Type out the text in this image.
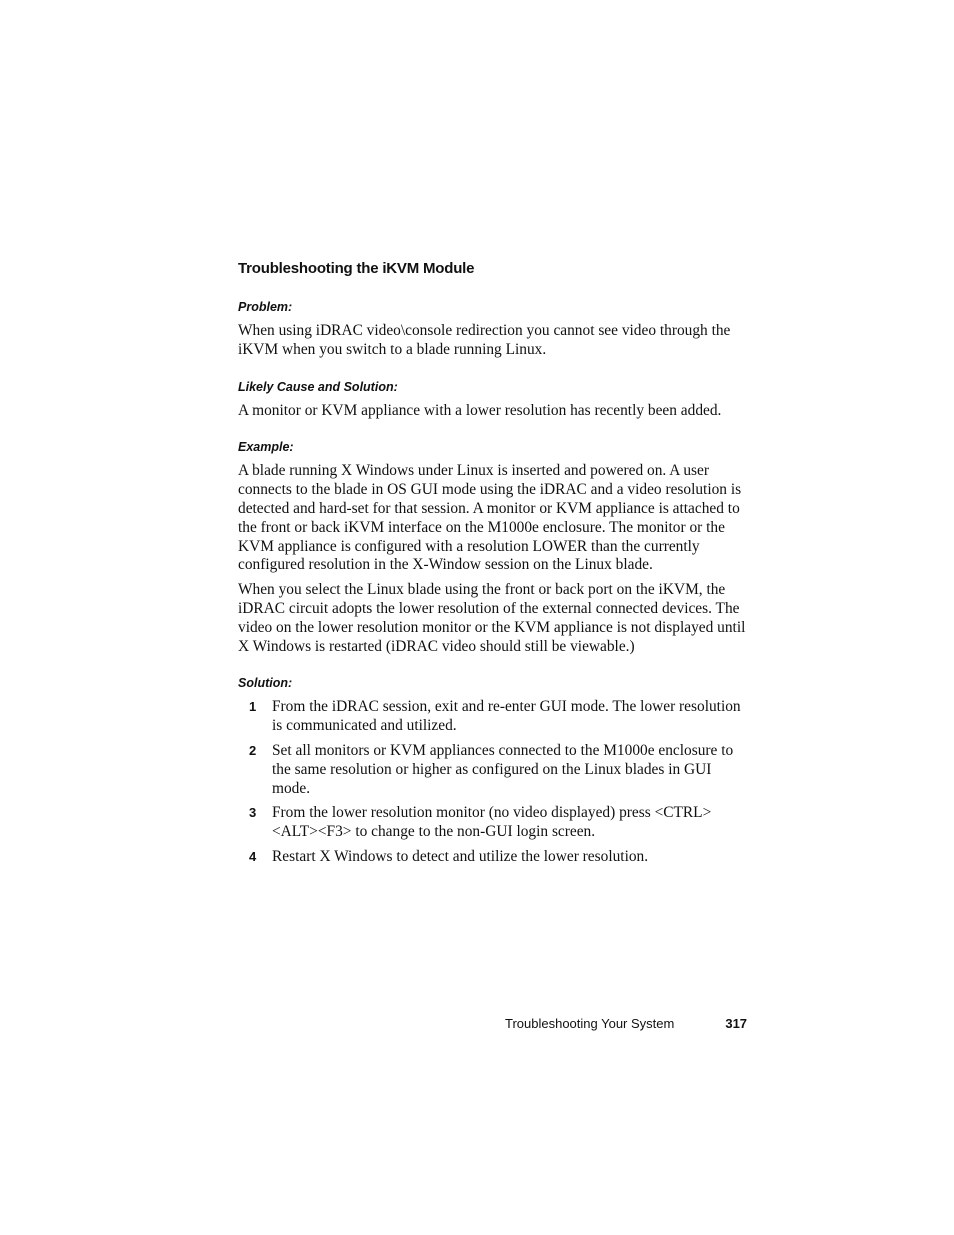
Troubleshooting the iKVM Module
Problem:

When using iDRAC video\console redirection you cannot see video through the iKVM when you switch to a blade running Linux.

Likely Cause and Solution:

A monitor or KVM appliance with a lower resolution has recently been added.

Example:

A blade running X Windows under Linux is inserted and powered on. A user connects to the blade in OS GUI mode using the iDRAC and a video resolution is detected and hard-set for that session. A monitor or KVM appliance is attached to the front or back iKVM interface on the M1000e enclosure. The monitor or the KVM appliance is configured with a resolution LOWER than the currently configured resolution in the X-Window session on the Linux blade.

When you select the Linux blade using the front or back port on the iKVM, the iDRAC circuit adopts the lower resolution of the external connected devices. The video on the lower resolution monitor or the KVM appliance is not displayed until X Windows is restarted (iDRAC video should still be viewable.)

Solution:
1	From the iDRAC session, exit and re-enter GUI mode. The lower resolution is communicated and utilized.
2	Set all monitors or KVM appliances connected to the M1000e enclosure to the same resolution or higher as configured on the Linux blades in GUI mode.
3	From the lower resolution monitor (no video displayed) press <CTRL><ALT><F3> to change to the non-GUI login screen.
4	Restart X Windows to detect and utilize the lower resolution.
Troubleshooting Your System	317
